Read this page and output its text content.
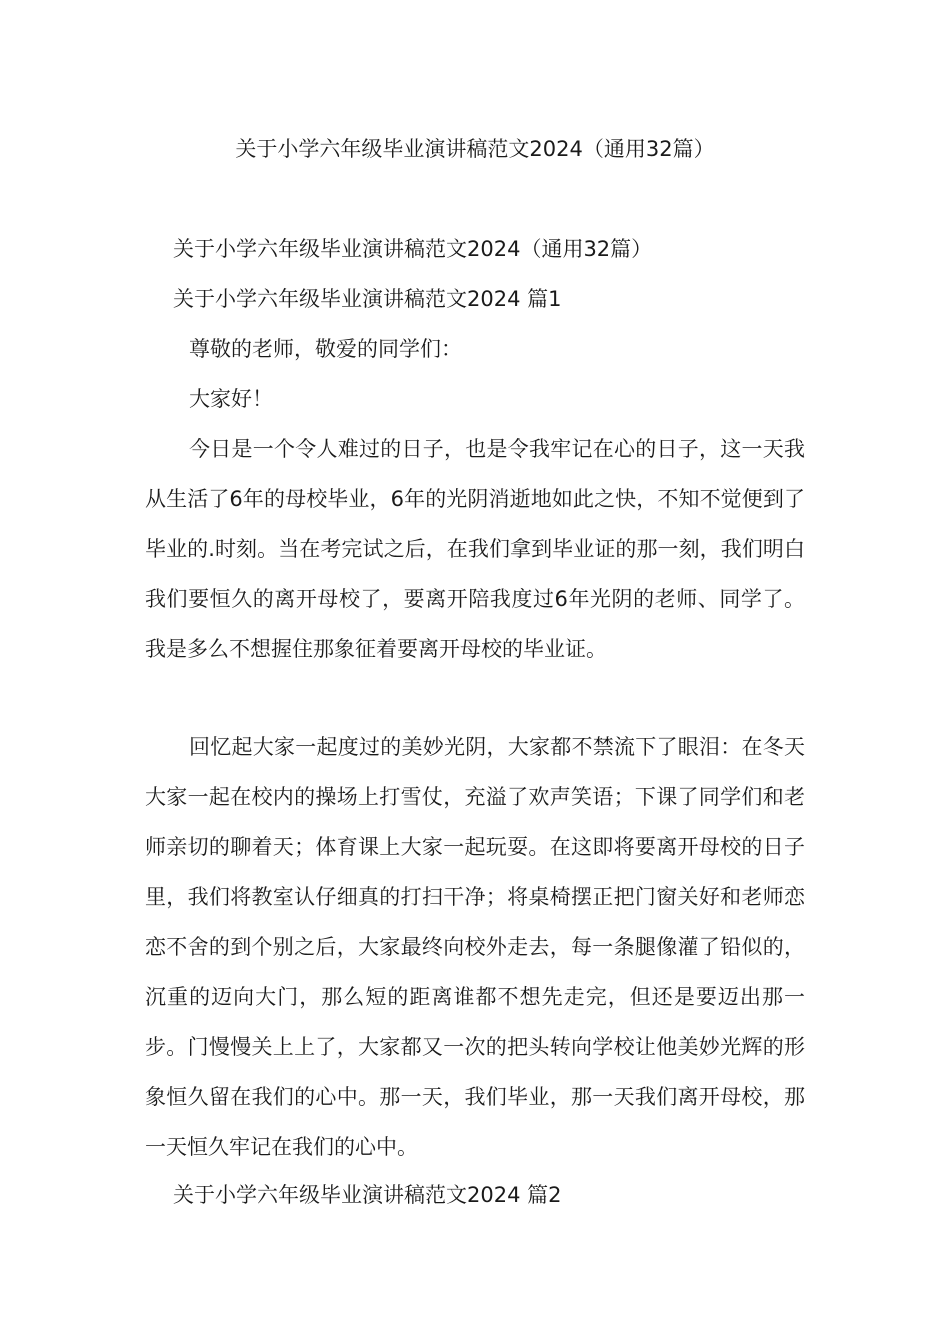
关于小学六年级毕业演讲稿范文2024（通用32篇）
关于小学六年级毕业演讲稿范文2024（通用32篇）
关于小学六年级毕业演讲稿范文2024 篇1
尊敬的老师，敬爱的同学们：
大家好！
今日是一个令人难过的日子，也是令我牢记在心的日子，这一天我从生活了6年的母校毕业，6年的光阴消逝地如此之快，不知不觉便到了毕业的.时刻。当在考完试之后，在我们拿到毕业证的那一刻，我们明白我们要恒久的离开母校了，要离开陪我度过6年光阴的老师、同学了。我是多么不想握住那象征着要离开母校的毕业证。
回忆起大家一起度过的美妙光阴，大家都不禁流下了眼泪：在冬天大家一起在校内的操场上打雪仗，充溢了欢声笑语；下课了同学们和老师亲切的聊着天；体育课上大家一起玩耍。在这即将要离开母校的日子里，我们将教室认仔细真的打扫干净；将桌椅摆正把门窗关好和老师恋恋不舍的到个别之后，大家最终向校外走去，每一条腿像灌了铅似的，沉重的迈向大门，那么短的距离谁都不想先走完，但还是要迈出那一步。门慢慢关上上了，大家都又一次的把头转向学校让他美妙光辉的形象恒久留在我们的心中。那一天，我们毕业，那一天我们离开母校，那一天恒久牢记在我们的心中。
关于小学六年级毕业演讲稿范文2024 篇2
